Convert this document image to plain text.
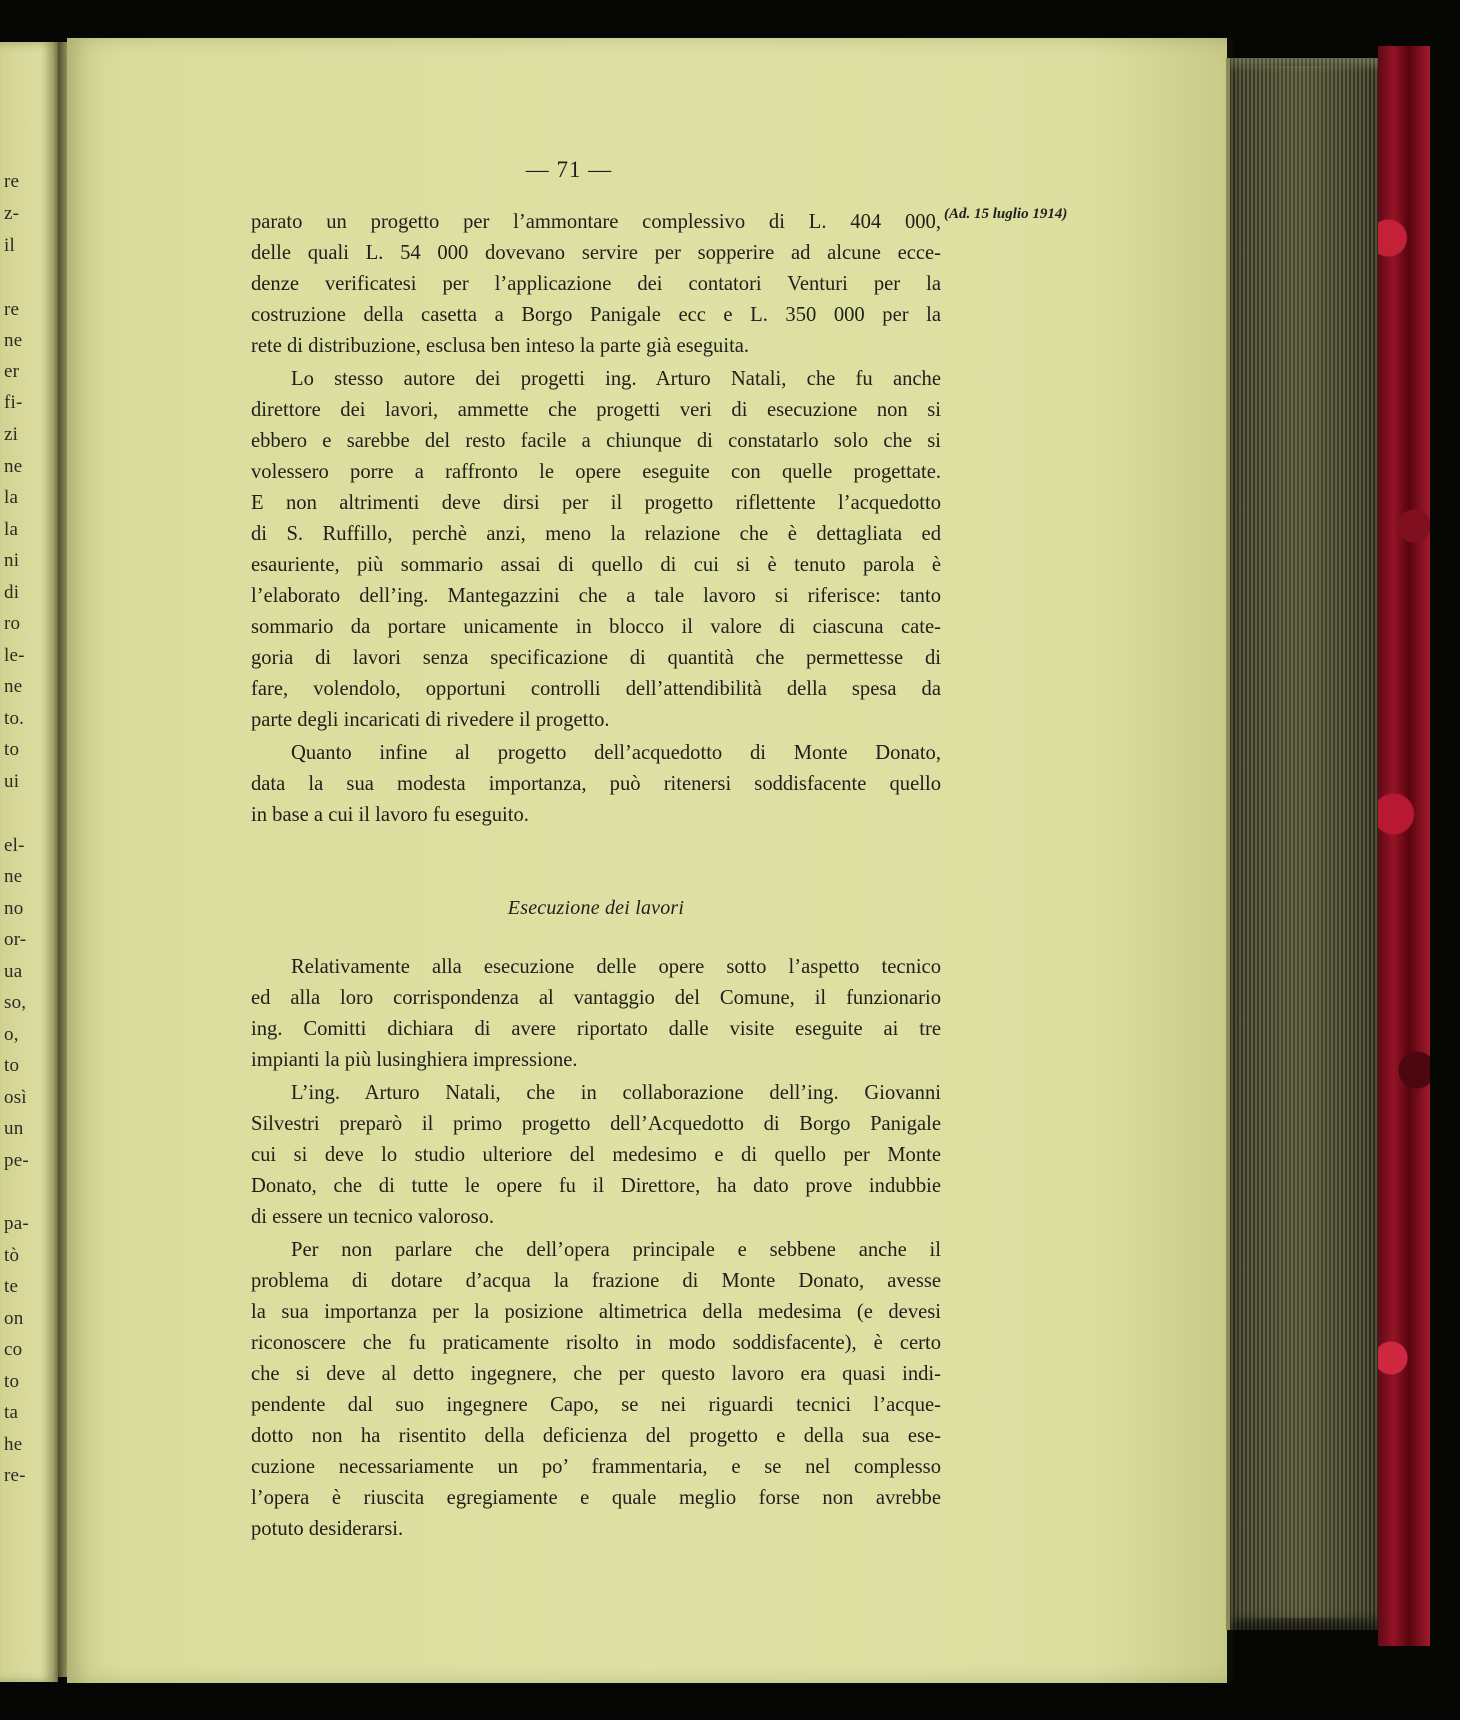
re
z-
il
re
ne
er
fi-
zi
ne
la
la
ni
di
ro
le-
ne
to.
to
ui
el-
ne
no
or-
ua
so,
o,
to
osì
un
pe-
pa-
tò
te
on
co
to
ta
he
re-
— 71 —
(Ad. 15 luglio 1914)

parato un progetto per l’ammontare complessivo di L. 404 000,

delle quali L. 54 000 dovevano servire per sopperire ad alcune ecce-

denze verificatesi per l’applicazione dei contatori Venturi per la

costruzione della casetta a Borgo Panigale ecc e L. 350 000 per la

rete di distribuzione, esclusa ben inteso la parte già eseguita.

Lo stesso autore dei progetti ing. Arturo Natali, che fu anche

direttore dei lavori, ammette che progetti veri di esecuzione non si

ebbero e sarebbe del resto facile a chiunque di constatarlo solo che si

volessero porre a raffronto le opere eseguite con quelle progettate.

E non altrimenti deve dirsi per il progetto riflettente l’acquedotto

di S. Ruffillo, perchè anzi, meno la relazione che è dettagliata ed

esauriente, più sommario assai di quello di cui si è tenuto parola è

l’elaborato dell’ing. Mantegazzini che a tale lavoro si riferisce: tanto

sommario da portare unicamente in blocco il valore di ciascuna cate-

goria di lavori senza specificazione di quantità che permettesse di

fare, volendolo, opportuni controlli dell’attendibilità della spesa da

parte degli incaricati di rivedere il progetto.

Quanto infine al progetto dell’acquedotto di Monte Donato,

data la sua modesta importanza, può ritenersi soddisfacente quello

in base a cui il lavoro fu eseguito.

Esecuzione dei lavori

Relativamente alla esecuzione delle opere sotto l’aspetto tecnico

ed alla loro corrispondenza al vantaggio del Comune, il funzionario

ing. Comitti dichiara di avere riportato dalle visite eseguite ai tre

impianti la più lusinghiera impressione.

L’ing. Arturo Natali, che in collaborazione dell’ing. Giovanni

Silvestri preparò il primo progetto dell’Acquedotto di Borgo Panigale

cui si deve lo studio ulteriore del medesimo e di quello per Monte

Donato, che di tutte le opere fu il Direttore, ha dato prove indubbie

di essere un tecnico valoroso.

Per non parlare che dell’opera principale e sebbene anche il

problema di dotare d’acqua la frazione di Monte Donato, avesse

la sua importanza per la posizione altimetrica della medesima (e devesi

riconoscere che fu praticamente risolto in modo soddisfacente), è certo

che si deve al detto ingegnere, che per questo lavoro era quasi indi-

pendente dal suo ingegnere Capo, se nei riguardi tecnici l’acque-

dotto non ha risentito della deficienza del progetto e della sua ese-

cuzione necessariamente un po’ frammentaria, e se nel complesso

l’opera è riuscita egregiamente e quale meglio forse non avrebbe

potuto desiderarsi.
